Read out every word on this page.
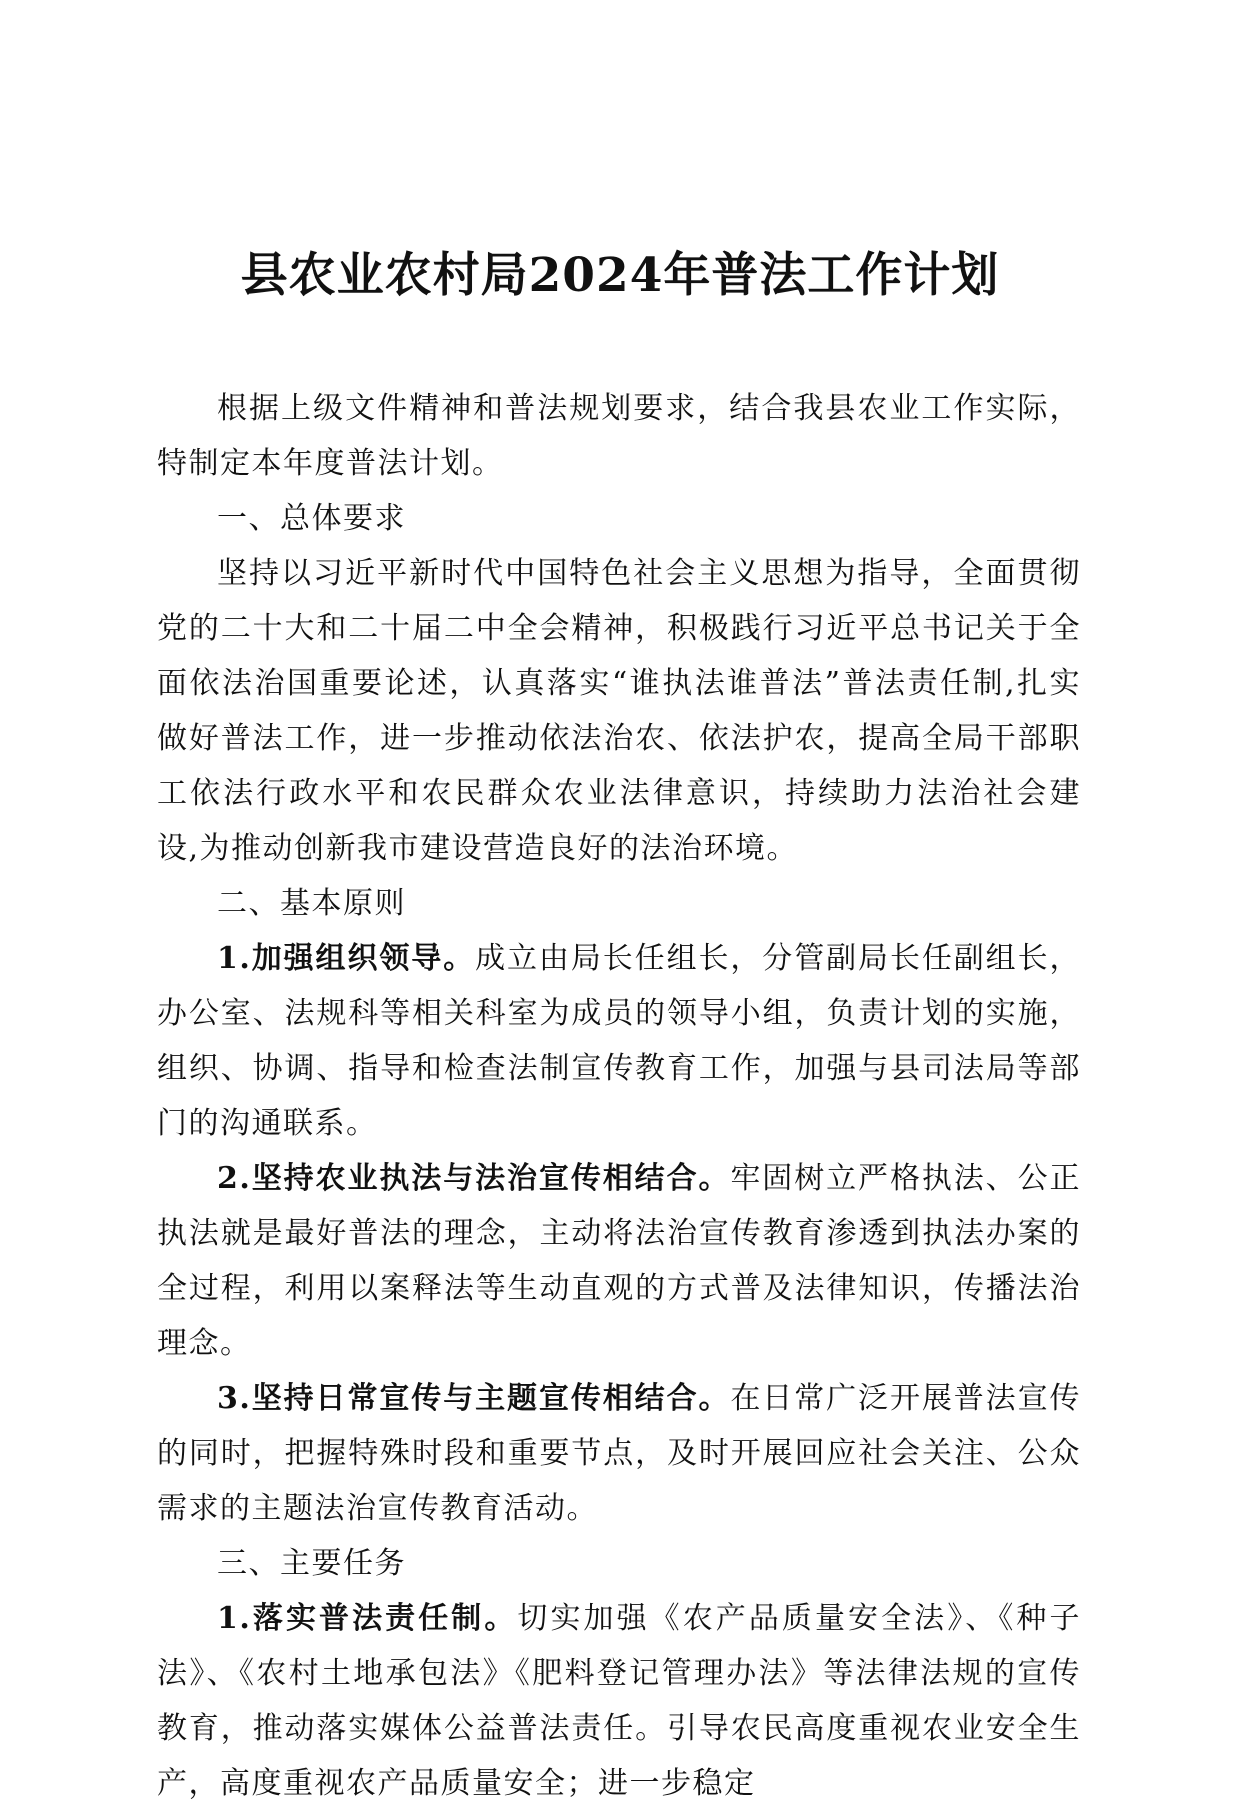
县农业农村局2024年普法工作计划

根据上级文件精神和普法规划要求，结合我县农业工作实际，特制定本年度普法计划。

一、总体要求

坚持以习近平新时代中国特色社会主义思想为指导，全面贯彻党的二十大和二十届二中全会精神，积极践行习近平总书记关于全面依法治国重要论述，认真落实“谁执法谁普法”普法责任制,扎实做好普法工作，进一步推动依法治农、依法护农，提高全局干部职工依法行政水平和农民群众农业法律意识，持续助力法治社会建设,为推动创新我市建设营造良好的法治环境。

二、基本原则

1.加强组织领导。成立由局长任组长，分管副局长任副组长，办公室、法规科等相关科室为成员的领导小组，负责计划的实施，组织、协调、指导和检查法制宣传教育工作，加强与县司法局等部门的沟通联系。

2.坚持农业执法与法治宣传相结合。牢固树立严格执法、公正执法就是最好普法的理念，主动将法治宣传教育渗透到执法办案的全过程，利用以案释法等生动直观的方式普及法律知识，传播法治理念。

3.坚持日常宣传与主题宣传相结合。在日常广泛开展普法宣传的同时，把握特殊时段和重要节点，及时开展回应社会关注、公众需求的主题法治宣传教育活动。

三、主要任务

1.落实普法责任制。切实加强《农产品质量安全法》、《种子法》、《农村土地承包法》《肥料登记管理办法》等法律法规的宣传教育，推动落实媒体公益普法责任。引导农民高度重视农业安全生产，高度重视农产品质量安全；进一步稳定
